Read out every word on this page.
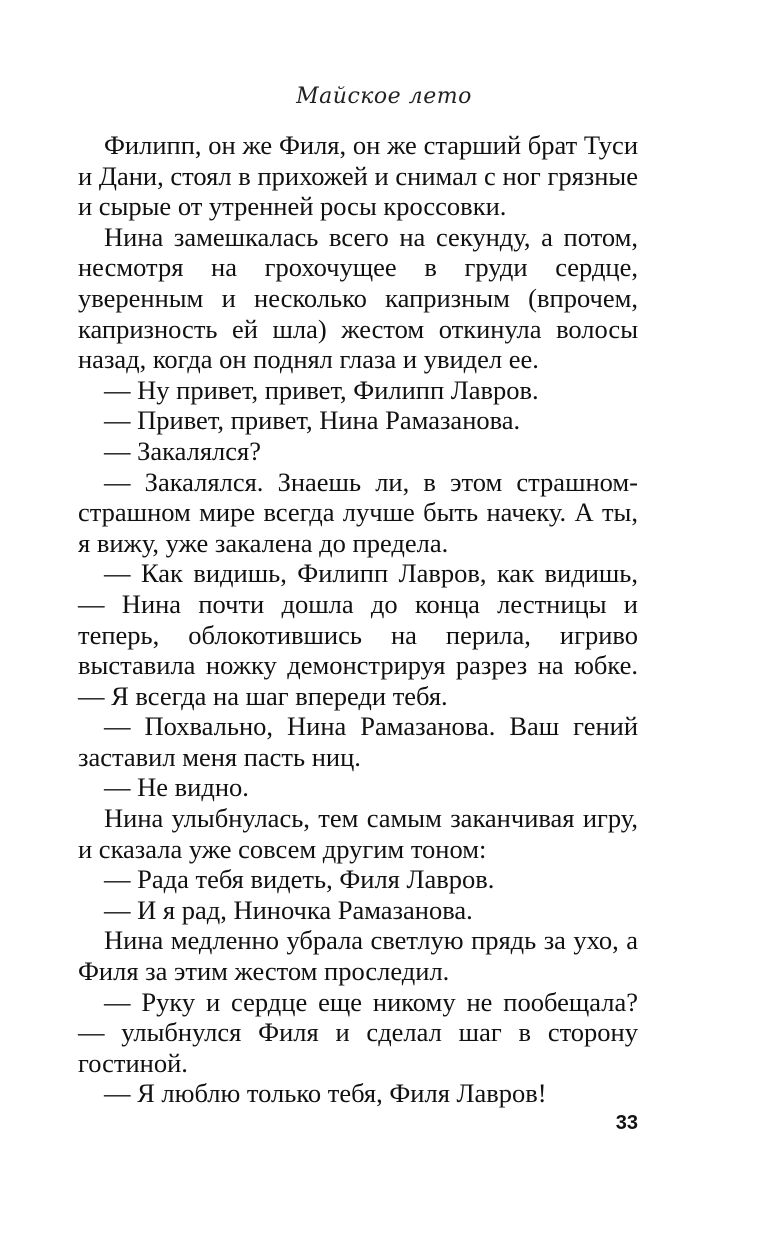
Майское лето

Филипп, он же Филя, он же старший брат Туси и Дани, стоял в прихожей и снимал с ног грязные и сырые от утренней росы кроссовки.

Нина замешкалась всего на секунду, а потом, несмотря на грохочущее в груди сердце, уверенным и несколько капризным (впрочем, капризность ей шла) жестом откинула волосы назад, когда он поднял глаза и увидел ее.

— Ну привет, привет, Филипп Лавров.

— Привет, привет, Нина Рамазанова.

— Закалялся?

— Закалялся. Знаешь ли, в этом страшном-страшном мире всегда лучше быть начеку. А ты, я вижу, уже закалена до предела.

— Как видишь, Филипп Лавров, как видишь, — Нина почти дошла до конца лестницы и теперь, облокотившись на перила, игриво выставила ножку демонстрируя разрез на юбке. — Я всегда на шаг впереди тебя.

— Похвально, Нина Рамазанова. Ваш гений заставил меня пасть ниц.

— Не видно.

Нина улыбнулась, тем самым заканчивая игру, и сказала уже совсем другим тоном:

— Рада тебя видеть, Филя Лавров.

— И я рад, Ниночка Рамазанова.

Нина медленно убрала светлую прядь за ухо, а Филя за этим жестом проследил.

— Руку и сердце еще никому не пообещала? — улыбнулся Филя и сделал шаг в сторону гостиной.

— Я люблю только тебя, Филя Лавров!

33
